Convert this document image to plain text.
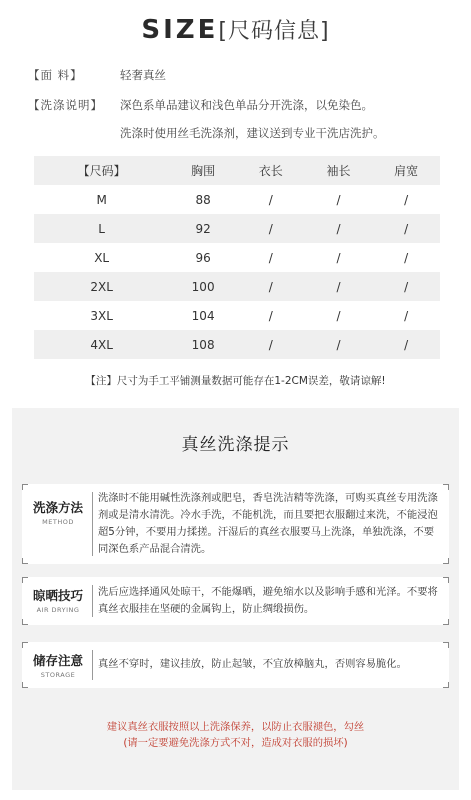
SIZE[尺码信息]
【面 料】	轻奢真丝
【洗涤说明】 深色系单品建议和浅色单品分开洗涤，以免染色。
洗涤时使用丝毛洗涤剂，建议送到专业干洗店洗护。
【尺码】	胸围	衣长	袖长	肩宽
M	88	/	/	/
L	92	/	/	/
XL	96	/	/	/
2XL	100	/	/	/
3XL	104	/	/	/
4XL	108	/	/	/
【注】尺寸为手工平铺测量数据可能存在1-2CM误差，敬请谅解!
真丝洗涤提示
洗涤方法
METHOD
洗涤时不能用碱性洗涤剂或肥皂，香皂洗洁精等洗涤，可购买真丝专用洗涤剂或是清水清洗。冷水手洗，不能机洗，而且要把衣服翻过来洗，不能浸泡超5分钟，不要用力揉搓。汗湿后的真丝衣服要马上洗涤，单独洗涤，不要同深色系产品混合清洗。
晾晒技巧
AIR DRYING
洗后应选择通风处晾干，不能爆晒，避免缩水以及影响手感和光泽。不要将真丝衣服挂在坚硬的金属钩上，防止绸缎损伤。
储存注意
STORAGE
真丝不穿时，建议挂放，防止起皱，不宜放樟脑丸，否则容易脆化。
建议真丝衣服按照以上洗涤保养，以防止衣服褪色，勾丝
(请一定要避免洗涤方式不对，造成对衣服的损坏)
